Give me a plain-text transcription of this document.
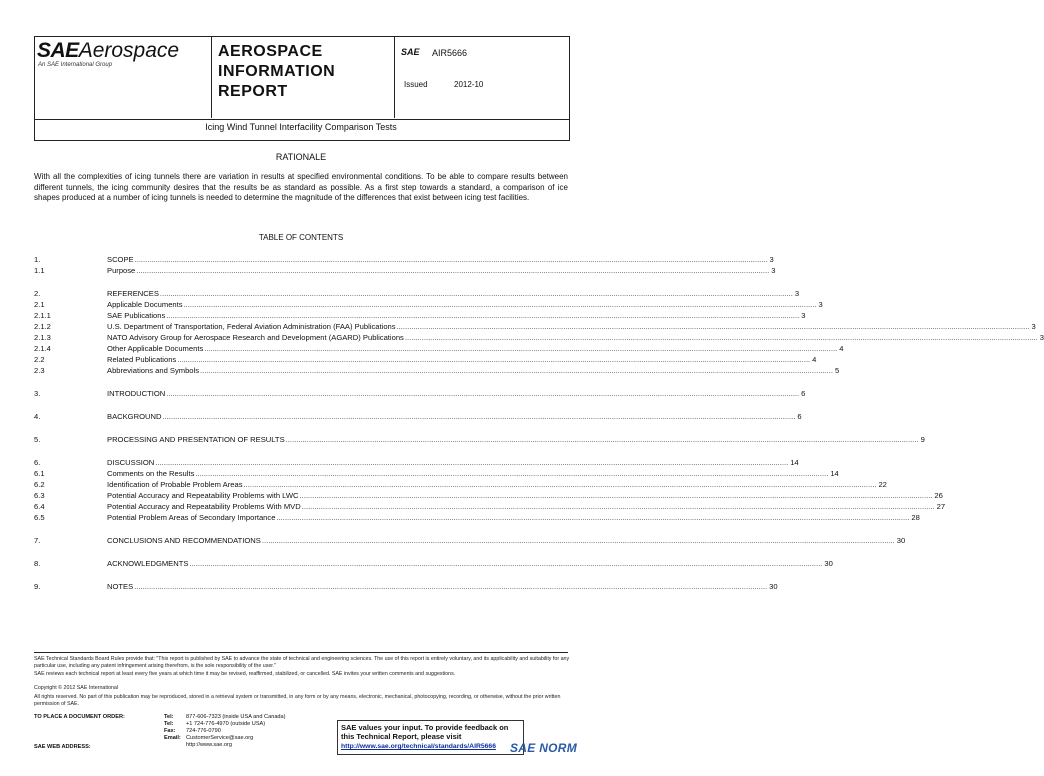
SAEAerospace
An SAE International Group
AEROSPACE
INFORMATION
REPORT
SAE AIR5666
Issued	2012-10
Icing Wind Tunnel Interfacility Comparison Tests
RATIONALE
With all the complexities of icing tunnels there are variation in results at specified environmental conditions. To be able to compare results between different tunnels, the icing community desires that the results be as standard as possible. As a first step towards a standard, a comparison of ice shapes produced at a number of icing tunnels is needed to determine the magnitude of the differences that exist between icing test facilities.
TABLE OF CONTENTS
1.	SCOPE ............................................................................................................................................................................................................................................................................................................ 3
1.1	Purpose ............................................................................................................................................................................................................................................................................................................ 3
2.	REFERENCES ............................................................................................................................................................................................................................................................................................................ 3
2.1	Applicable Documents ............................................................................................................................................................................................................................................................................................................ 3
2.1.1	SAE Publications ............................................................................................................................................................................................................................................................................................................ 3
2.1.2	U.S. Department of Transportation, Federal Aviation Administration (FAA) Publications ............................................................................................................................................................................................................................................................................................................ 3
2.1.3	NATO Advisory Group for Aerospace Research and Development (AGARD) Publications ............................................................................................................................................................................................................................................................................................................ 3
2.1.4	Other Applicable Documents ............................................................................................................................................................................................................................................................................................................ 4
2.2	Related Publications ............................................................................................................................................................................................................................................................................................................ 4
2.3	Abbreviations and Symbols ............................................................................................................................................................................................................................................................................................................ 5
3.	INTRODUCTION ............................................................................................................................................................................................................................................................................................................ 6
4.	BACKGROUND ............................................................................................................................................................................................................................................................................................................ 6
5.	PROCESSING AND PRESENTATION OF RESULTS ............................................................................................................................................................................................................................................................................................................ 9
6.	DISCUSSION ............................................................................................................................................................................................................................................................................................................ 14
6.1	Comments on the Results ............................................................................................................................................................................................................................................................................................................ 14
6.2	Identification of Probable Problem Areas ............................................................................................................................................................................................................................................................................................................ 22
6.3	Potential Accuracy and Repeatability Problems with LWC ............................................................................................................................................................................................................................................................................................................ 26
6.4	Potential Accuracy and Repeatability Problems With MVD ............................................................................................................................................................................................................................................................................................................ 27
6.5	Potential Problem Areas of Secondary Importance ............................................................................................................................................................................................................................................................................................................ 28
7.	CONCLUSIONS AND RECOMMENDATIONS ............................................................................................................................................................................................................................................................................................................ 30
8.	ACKNOWLEDGMENTS ............................................................................................................................................................................................................................................................................................................ 30
9.	NOTES ............................................................................................................................................................................................................................................................................................................ 30
SAE Technical Standards Board Rules provide that: "This report is published by SAE to advance the state of technical and engineering sciences. The use of this report is entirely voluntary, and its applicability and suitability for any particular use, including any patent infringement arising therefrom, is the sole responsibility of the user."
SAE reviews each technical report at least every five years at which time it may be revised, reaffirmed, stabilized, or cancelled. SAE invites your written comments and suggestions.
Copyright © 2012 SAE International
All rights reserved. No part of this publication may be reproduced, stored in a retrieval system or transmitted, in any form or by any means, electronic, mechanical, photocopying, recording, or otherwise, without the prior written permission of SAE.
TO PLACE A DOCUMENT ORDER:	Tel: 877-606-7323 (inside USA and Canada)
Tel: +1 724-776-4970 (outside USA)
Fax: 724-776-0790
Email: CustomerService@sae.org
SAE WEB ADDRESS:	http://www.sae.org
SAE values your input. To provide feedback on this Technical Report, please visit
http://www.sae.org/technical/standards/AIR5666 SAE NORM
